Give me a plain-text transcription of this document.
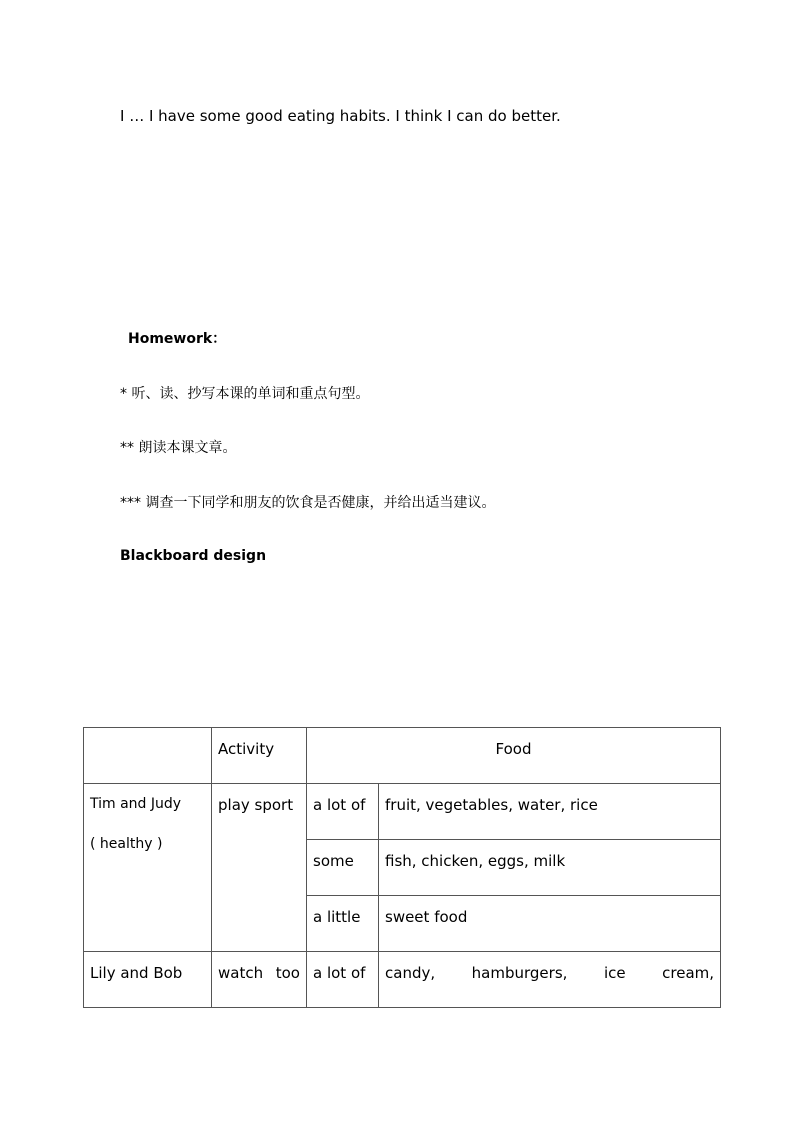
I … I have some good eating habits. I think I can do better.
Homework：
* 听、读、抄写本课的单词和重点句型。
** 朗读本课文章。
*** 调查一下同学和朋友的饮食是否健康，并给出适当建议。
Blackboard design
	Activity	Food	
Tim and Judy
( healthy )	play sport	a lot of	fruit, vegetables, water, rice
		some	fish, chicken, eggs, milk
		a little	sweet food
Lily and Bob	watch too	a lot of	candy, hamburgers, ice cream,
